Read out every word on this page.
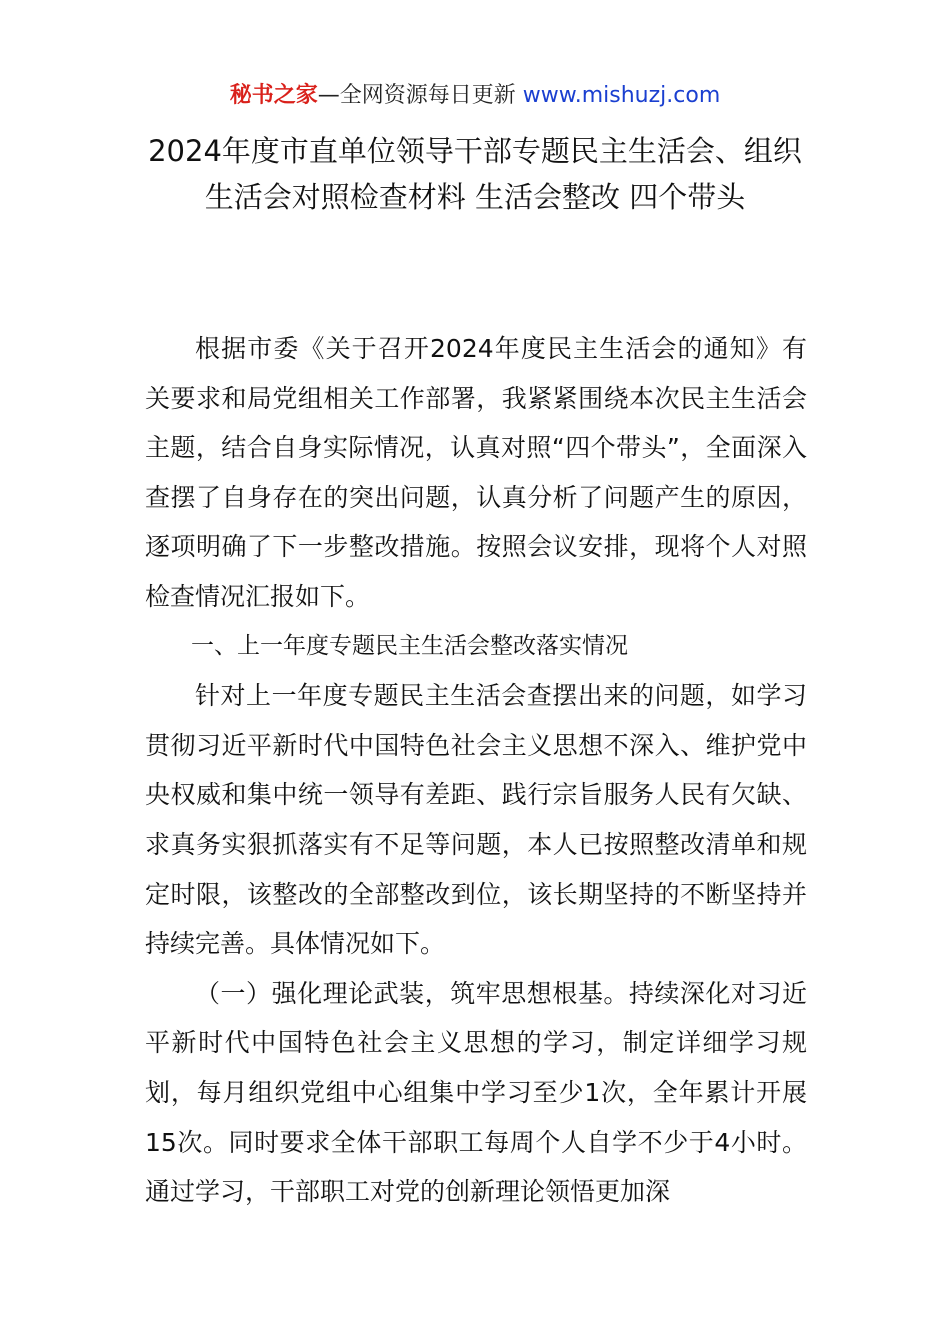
秘书之家—全网资源每日更新 www.mishuzj.com
2024年度市直单位领导干部专题民主生活会、组织生活会对照检查材料 生活会整改 四个带头

根据市委《关于召开2024年度民主生活会的通知》有关要求和局党组相关工作部署，我紧紧围绕本次民主生活会主题，结合自身实际情况，认真对照“四个带头”，全面深入查摆了自身存在的突出问题，认真分析了问题产生的原因，逐项明确了下一步整改措施。按照会议安排，现将个人对照检查情况汇报如下。

一、上一年度专题民主生活会整改落实情况

针对上一年度专题民主生活会查摆出来的问题，如学习贯彻习近平新时代中国特色社会主义思想不深入、维护党中央权威和集中统一领导有差距、践行宗旨服务人民有欠缺、求真务实狠抓落实有不足等问题，本人已按照整改清单和规定时限，该整改的全部整改到位，该长期坚持的不断坚持并持续完善。具体情况如下。

（一）强化理论武装，筑牢思想根基。持续深化对习近平新时代中国特色社会主义思想的学习，制定详细学习规划，每月组织党组中心组集中学习至少1次，全年累计开展15次。同时要求全体干部职工每周个人自学不少于4小时。通过学习，干部职工对党的创新理论领悟更加深
